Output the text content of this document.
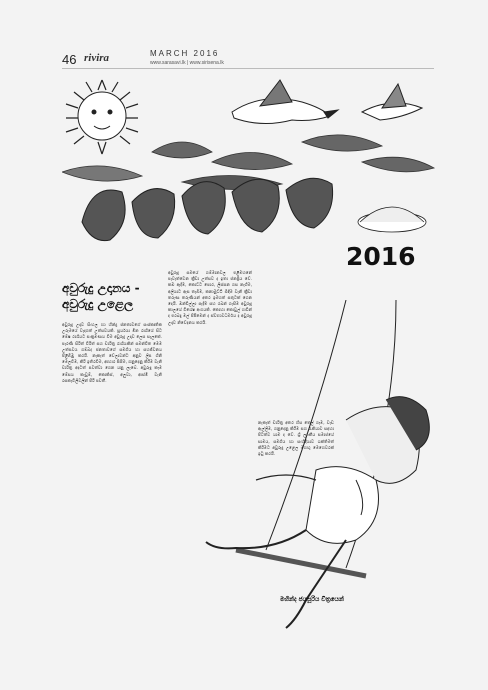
46 rivira	MARCH 2016
www.sarasavi.lk | www.sirisena.lk
2016
අවුරුදු උදානය -
අවුරුදු උළෙල
අවුරුදු උදාව සිංහල හා හින්දු ජනතාවගේ සංස්කෘතික උරුමයේ වැදගත් උත්සවයකි. සූර්යයා මීන රාශියේ සිට මේෂ රාශියට සංක්‍රමණය වීම අවුරුදු උදාව ලෙස සැලකේ. පැරණි සිරිත් විරිත් සහ චාරිත්‍ර රාශියකින් සමන්විත මෙම උත්සවය ගම්බද ජනතාවගේ සමගිය හා සහජීවනය පිළිබිඹු කරයි. නැකැත් වේලාවන්ට අනුව ලිප ගිනි මෙලවීම, කිරි ඉතිරවීම, ආහාර පිසීම, ගනුදෙනු කිරීම වැනි චාරිත්‍ර අදටත් පවත්වා ගෙන යනු ලැබේ. අවුරුදු කෑම මේසය කැවුම්, කොකිස්, අලුවා, ආස්මී වැනි රසකැවිලිවලින් පිරී පවතී.
අවුරුදු සමයේ ගම්මානවල එළිමහනේ පැවැත්වෙන ක්‍රීඩා උත්සව ද ඉතා ජනප්‍රිය වේ. කඹ ඇදීම, කොට්ට පොර, ලිස්සන ගස නැගීම, අලියාට ඇස තැබීම, කනාමුට්ටි බිඳීම වැනි ක්‍රීඩා තරුණ තරුණියන් අතර ඉමහත් සතුටක් ගෙන දෙයි. ඔන්චිල්ලා පැදීම සහ රබන් ගැසීම අවුරුදු කාලයේ විශේෂ අංගයකි. කොහා කොවුල් හඬින් ද එරබදු මල් පිපීමෙන් ද ස්වභාවධර්මය ද අවුරුදු උදාව නිවේදනය කරයි.
නැකැත් චාරිත්‍ර අතර හිස තෙල් ගෑම, වැඩ ඇල්ලීම, ගනුදෙනු කිරීම සහ රැකියාව සඳහා පිටත්ව යාම ද වේ. ශ්‍රී ලාංකීය සමාජයේ සාමය, සමගිය හා සංහිඳියාව ශක්තිමත් කිරීමට අවුරුදු උළෙල මහඟු මෙහෙවරක් ඉටු කරයි.
මහින්ද ජයසූරිය චිත්‍රයෙන්
